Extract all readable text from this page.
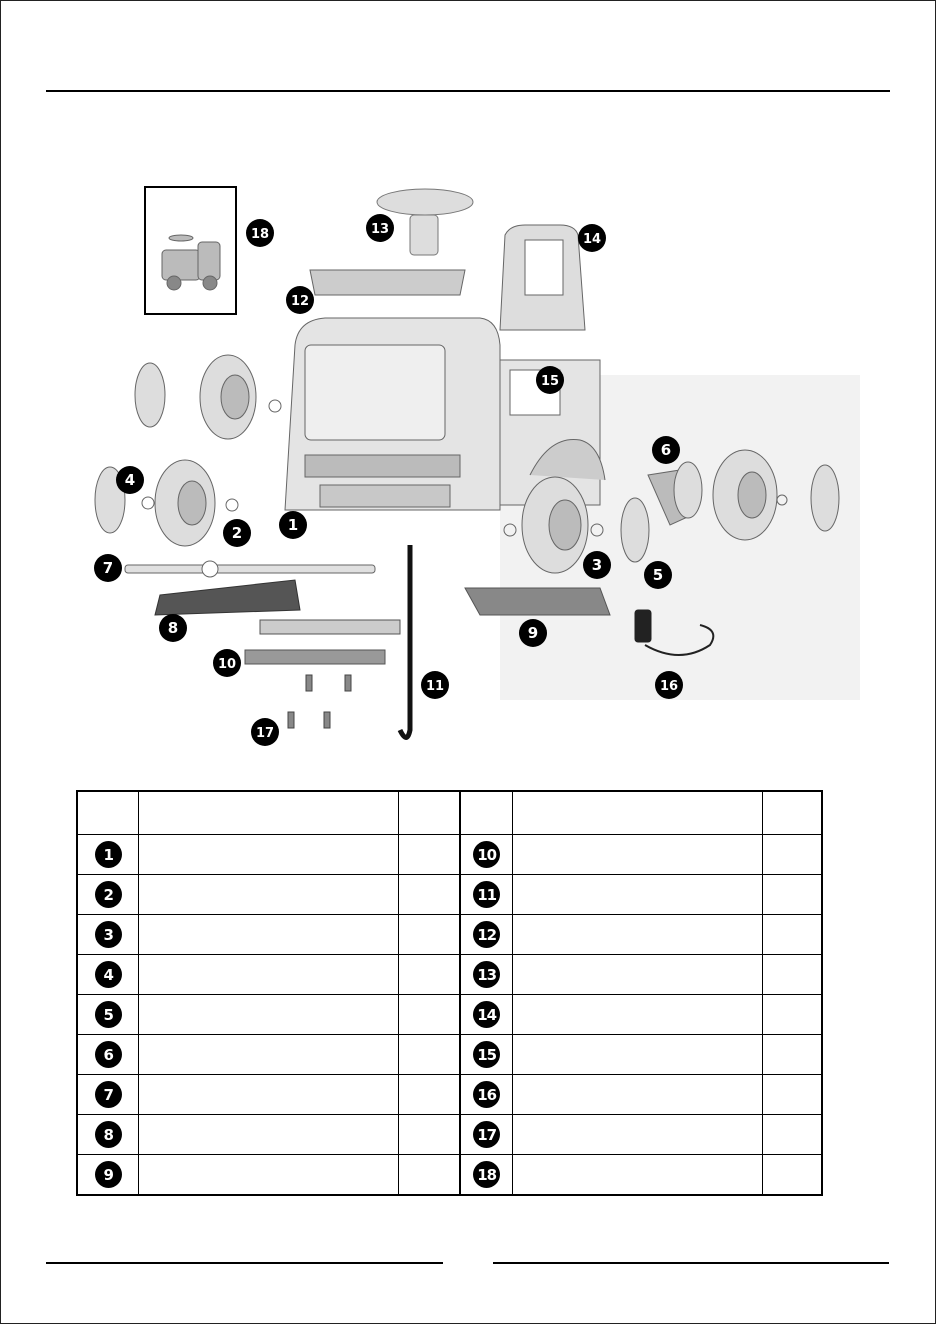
1
2
3
4
5
6
7
8	9
10
11
12
13
14
15
16
17
18

1			10		
2			11		
3			12		
4			13		
5			14		
6			15		
7			16		
8			17		
9			18		
